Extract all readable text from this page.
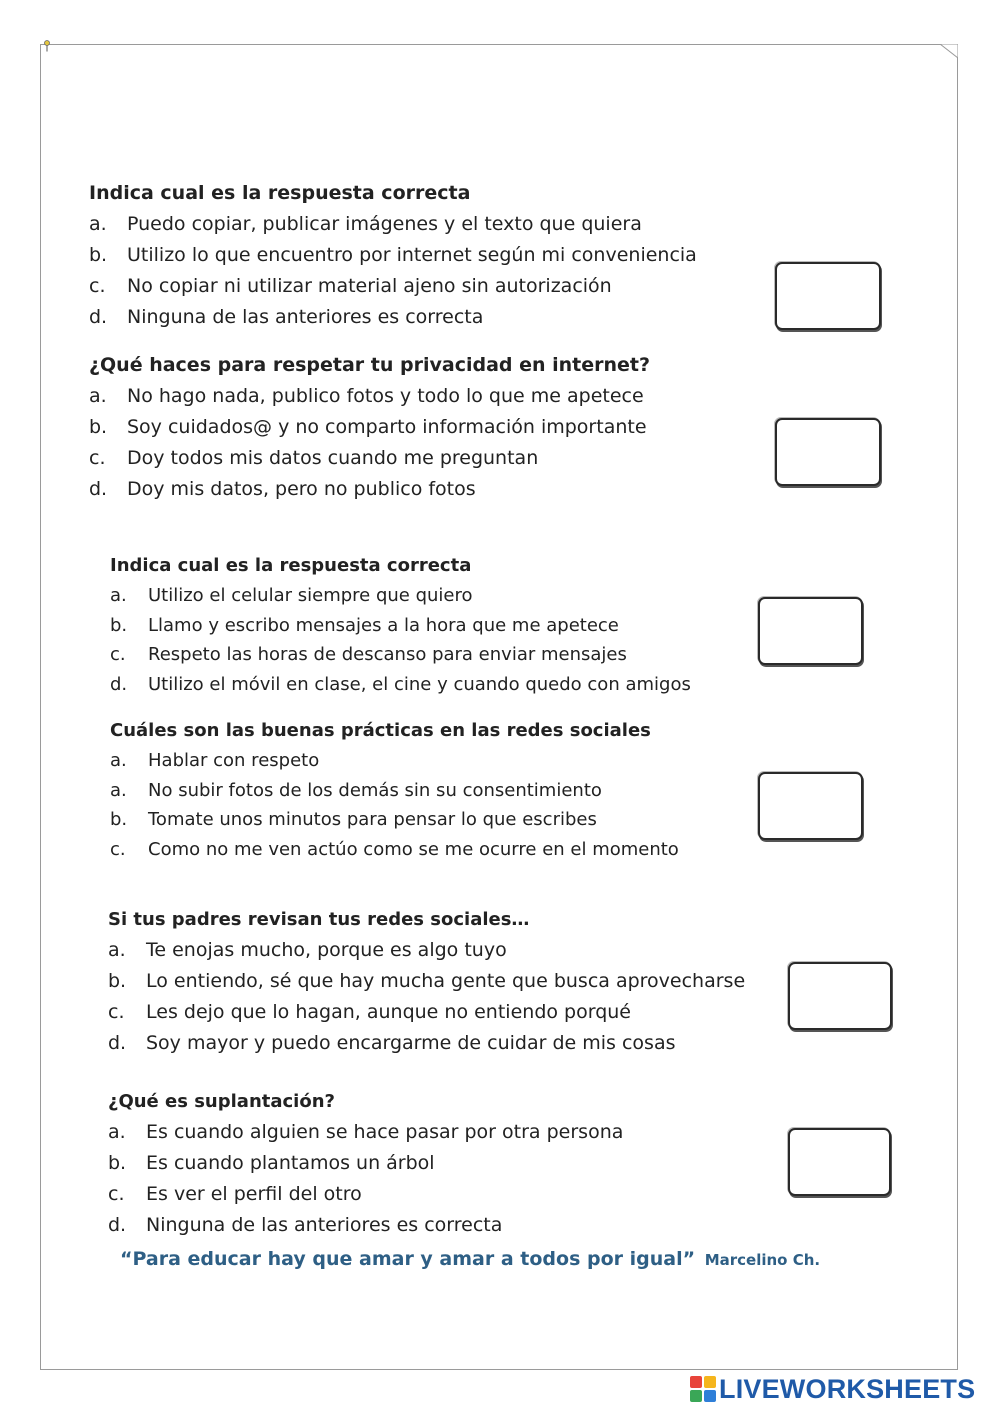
Indica cual es la respuesta correcta
a. Puedo copiar, publicar imágenes y el texto que quiera
b. Utilizo lo que encuentro por internet según mi conveniencia
c. No copiar ni utilizar material ajeno sin autorización
d. Ninguna de las anteriores es correcta
¿Qué haces para respetar tu privacidad en internet?
a. No hago nada, publico fotos y todo lo que me apetece
b. Soy cuidados@ y no comparto información importante
c. Doy todos mis datos cuando me preguntan
d. Doy mis datos, pero no publico fotos
Indica cual es la respuesta correcta
a. Utilizo el celular siempre que quiero
b. Llamo y escribo mensajes a la hora que me apetece
c. Respeto las horas de descanso para enviar mensajes
d. Utilizo el móvil en clase, el cine y cuando quedo con amigos
Cuáles son las buenas prácticas en las redes sociales
a. Hablar con respeto
a. No subir fotos de los demás sin su consentimiento
b. Tomate unos minutos para pensar lo que escribes
c. Como no me ven actúo como se me ocurre en el momento
Si tus padres revisan tus redes sociales…
a. Te enojas mucho, porque es algo tuyo
b. Lo entiendo, sé que hay mucha gente que busca aprovecharse
c. Les dejo que lo hagan, aunque no entiendo porqué
d. Soy mayor y puedo encargarme de cuidar de mis cosas
¿Qué es suplantación?
a. Es cuando alguien se hace pasar por otra persona
b. Es cuando plantamos un árbol
c. Es ver el perfil del otro
d. Ninguna de las anteriores es correcta
“Para educar hay que amar y amar a todos por igual” Marcelino Ch.
LIVEWORKSHEETS
